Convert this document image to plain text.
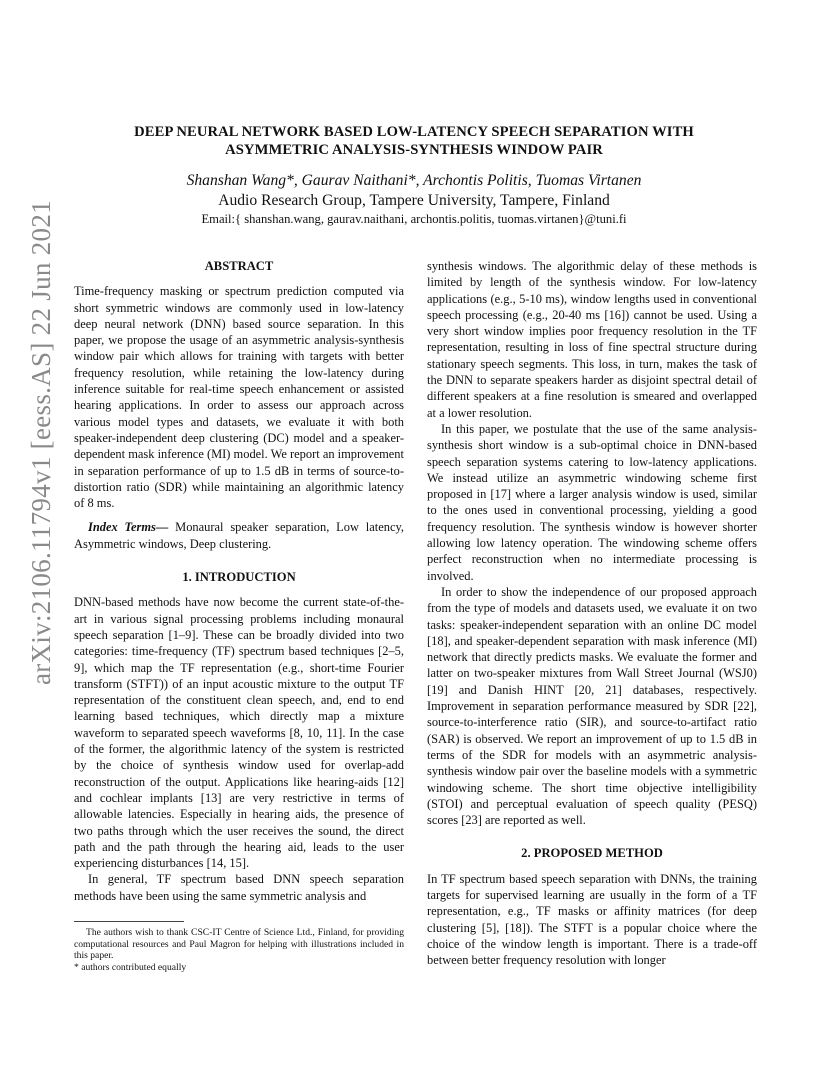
arXiv:2106.11794v1 [eess.AS] 22 Jun 2021
DEEP NEURAL NETWORK BASED LOW-LATENCY SPEECH SEPARATION WITH
ASYMMETRIC ANALYSIS-SYNTHESIS WINDOW PAIR
Shanshan Wang*, Gaurav Naithani*, Archontis Politis, Tuomas Virtanen
Audio Research Group, Tampere University, Tampere, Finland
Email:{ shanshan.wang, gaurav.naithani, archontis.politis, tuomas.virtanen}@tuni.fi
ABSTRACT

Time-frequency masking or spectrum prediction computed via short symmetric windows are commonly used in low-latency deep neural network (DNN) based source separation. In this paper, we propose the usage of an asymmetric analysis-synthesis window pair which allows for training with targets with better frequency resolution, while retaining the low-latency during inference suitable for real-time speech enhancement or assisted hearing applications. In order to assess our approach across various model types and datasets, we evaluate it with both speaker-independent deep clustering (DC) model and a speaker-dependent mask inference (MI) model. We report an improvement in separation performance of up to 1.5 dB in terms of source-to-distortion ratio (SDR) while maintaining an algorithmic latency of 8 ms.

Index Terms— Monaural speaker separation, Low latency, Asymmetric windows, Deep clustering.

1. INTRODUCTION

DNN-based methods have now become the current state-of-the-art in various signal processing problems including monaural speech separation [1–9]. These can be broadly divided into two categories: time-frequency (TF) spectrum based techniques [2–5, 9], which map the TF representation (e.g., short-time Fourier transform (STFT)) of an input acoustic mixture to the output TF representation of the constituent clean speech, and, end to end learning based techniques, which directly map a mixture waveform to separated speech waveforms [8, 10, 11]. In the case of the former, the algorithmic latency of the system is restricted by the choice of synthesis window used for overlap-add reconstruction of the output. Applications like hearing-aids [12] and cochlear implants [13] are very restrictive in terms of allowable latencies. Especially in hearing aids, the presence of two paths through which the user receives the sound, the direct path and the path through the hearing aid, leads to the user experiencing disturbances [14, 15].

In general, TF spectrum based DNN speech separation methods have been using the same symmetric analysis and

synthesis windows. The algorithmic delay of these methods is limited by length of the synthesis window. For low-latency applications (e.g., 5-10 ms), window lengths used in conventional speech processing (e.g., 20-40 ms [16]) cannot be used. Using a very short window implies poor frequency resolution in the TF representation, resulting in loss of fine spectral structure during stationary speech segments. This loss, in turn, makes the task of the DNN to separate speakers harder as disjoint spectral detail of different speakers at a fine resolution is smeared and overlapped at a lower resolution.

In this paper, we postulate that the use of the same analysis-synthesis short window is a sub-optimal choice in DNN-based speech separation systems catering to low-latency applications. We instead utilize an asymmetric windowing scheme first proposed in [17] where a larger analysis window is used, similar to the ones used in conventional processing, yielding a good frequency resolution. The synthesis window is however shorter allowing low latency operation. The windowing scheme offers perfect reconstruction when no intermediate processing is involved.

In order to show the independence of our proposed approach from the type of models and datasets used, we evaluate it on two tasks: speaker-independent separation with an online DC model [18], and speaker-dependent separation with mask inference (MI) network that directly predicts masks. We evaluate the former and latter on two-speaker mixtures from Wall Street Journal (WSJ0) [19] and Danish HINT [20, 21] databases, respectively. Improvement in separation performance measured by SDR [22], source-to-interference ratio (SIR), and source-to-artifact ratio (SAR) is observed. We report an improvement of up to 1.5 dB in terms of the SDR for models with an asymmetric analysis-synthesis window pair over the baseline models with a symmetric windowing scheme. The short time objective intelligibility (STOI) and perceptual evaluation of speech quality (PESQ) scores [23] are reported as well.

2. PROPOSED METHOD

In TF spectrum based speech separation with DNNs, the training targets for supervised learning are usually in the form of a TF representation, e.g., TF masks or affinity matrices (for deep clustering [5], [18]). The STFT is a popular choice where the choice of the window length is important. There is a trade-off between better frequency resolution with longer

The authors wish to thank CSC-IT Centre of Science Ltd., Finland, for providing computational resources and Paul Magron for helping with illustrations included in this paper.

* authors contributed equally
